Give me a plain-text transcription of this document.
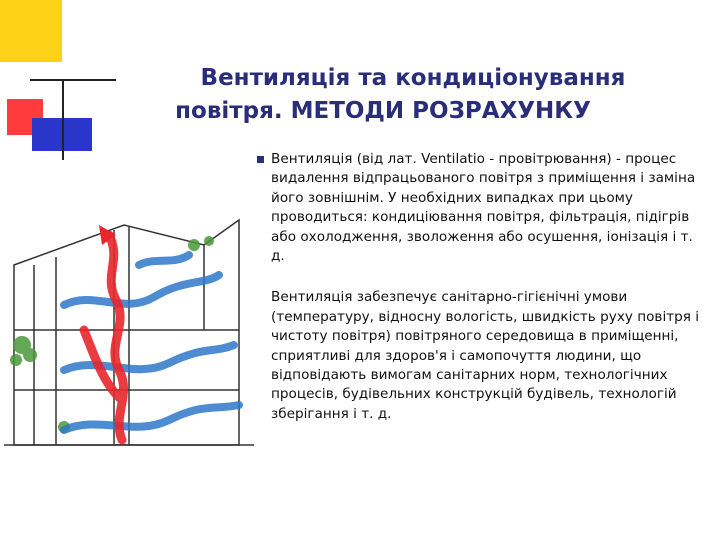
Вентиляція та кондиціонування
повітря. МЕТОДИ РОЗРАХУНКУ

Вентиляція (від лат. Ventilatio - провітрювання) - процес видалення відпрацьованого повітря з приміщення і заміна його зовнішнім. У необхідних випадках при цьому проводиться: кондиціювання повітря, фільтрація, підігрів або охолодження, зволоження або осушення, іонізація і т. д.

Вентиляція забезпечує санітарно-гігієнічні умови (температуру, відносну вологість, швидкість руху повітря і чистоту повітря) повітряного середовища в приміщенні, сприятливі для здоров'я і самопочуття людини, що відповідають вимогам санітарних норм, технологічних процесів, будівельних конструкцій будівель, технологій зберігання і т. д.
